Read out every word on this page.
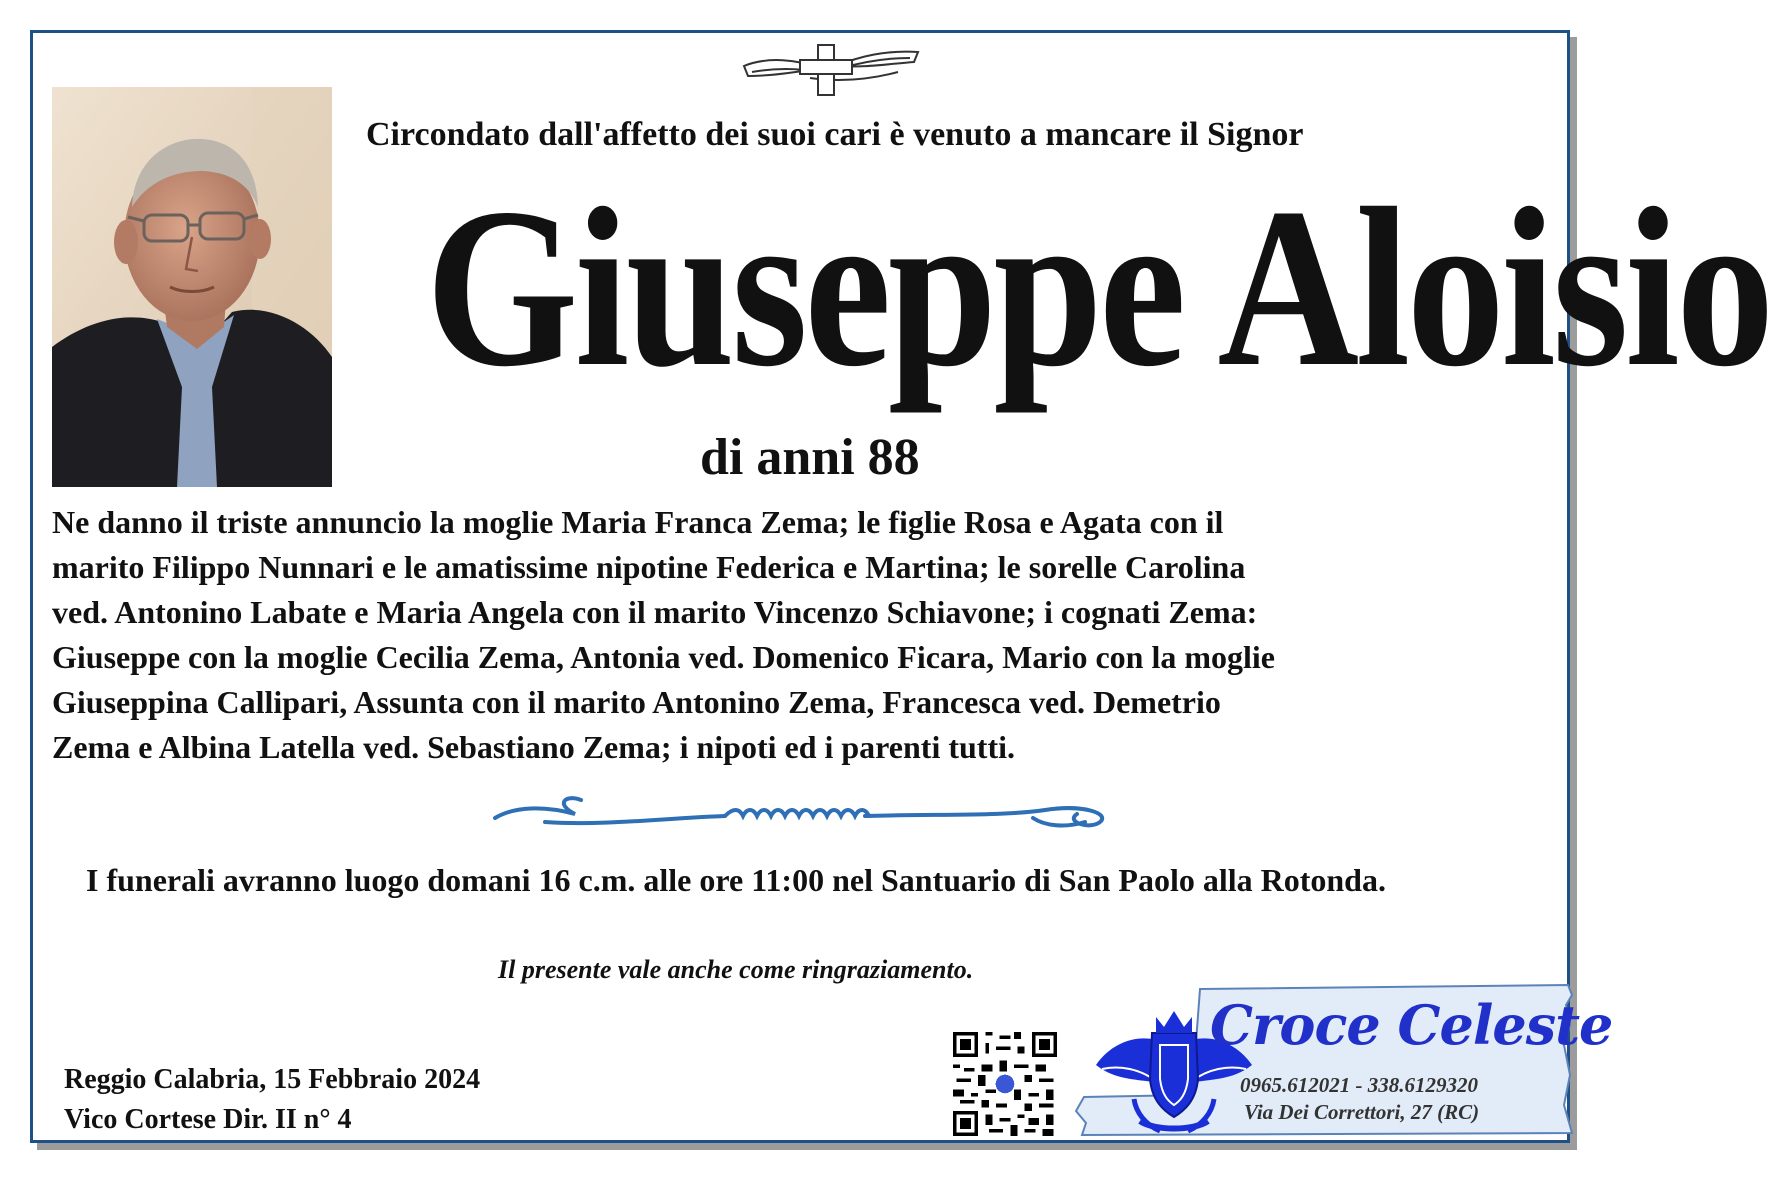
Circondato dall'affetto dei suoi cari è venuto a mancare il Signor
Giuseppe Aloisio
di anni 88
Ne danno il triste annuncio la moglie Maria Franca Zema; le figlie Rosa e Agata con il
marito Filippo Nunnari e le amatissime nipotine Federica e Martina; le sorelle Carolina
ved. Antonino Labate e Maria Angela con il marito Vincenzo Schiavone; i cognati Zema:
Giuseppe con la moglie Cecilia Zema, Antonia ved. Domenico Ficara, Mario con la moglie
Giuseppina Callipari, Assunta con il marito Antonino Zema, Francesca ved. Demetrio
Zema e Albina Latella ved. Sebastiano Zema; i nipoti ed i parenti tutti.
I funerali avranno luogo domani 16 c.m. alle ore 11:00 nel Santuario di San Paolo alla Rotonda.
Il presente vale anche come ringraziamento.
Reggio Calabria, 15 Febbraio 2024
Vico Cortese Dir. II n° 4
Croce Celeste
0965.612021 - 338.6129320
Via Dei Correttori, 27 (RC)
